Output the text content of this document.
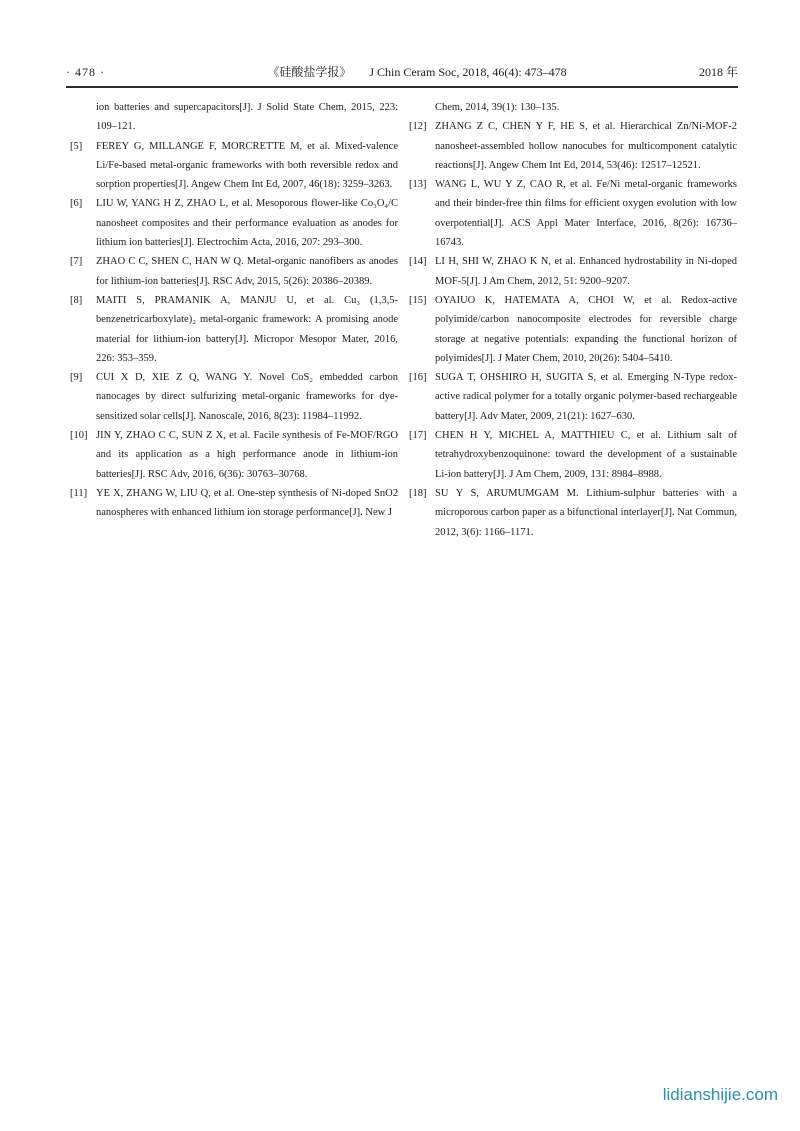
· 478 ·	《硅酸盐学报》 J Chin Ceram Soc, 2018, 46(4): 473–478	2018 年
ion batteries and supercapacitors[J]. J Solid State Chem, 2015, 223: 109–121.
[5] FEREY G, MILLANGE F, MORCRETTE M, et al. Mixed-valence Li/Fe-based metal-organic frameworks with both reversible redox and sorption properties[J]. Angew Chem Int Ed, 2007, 46(18): 3259–3263.
[6] LIU W, YANG H Z, ZHAO L, et al. Mesoporous flower-like Co₃O₄/C nanosheet composites and their performance evaluation as anodes for lithium ion batteries[J]. Electrochim Acta, 2016, 207: 293–300.
[7] ZHAO C C, SHEN C, HAN W Q. Metal-organic nanofibers as anodes for lithium-ion batteries[J]. RSC Adv, 2015, 5(26): 20386–20389.
[8] MAITI S, PRAMANIK A, MANJU U, et al. Cu₃ (1,3,5-benzenetricarboxylate)₂ metal-organic framework: A promising anode material for lithium-ion battery[J]. Micropor Mesopor Mater, 2016, 226: 353–359.
[9] CUI X D, XIE Z Q, WANG Y. Novel CoS₂ embedded carbon nanocages by direct sulfurizing metal-organic frameworks for dye-sensitized solar cells[J]. Nanoscale, 2016, 8(23): 11984–11992.
[10] JIN Y, ZHAO C C, SUN Z X, et al. Facile synthesis of Fe-MOF/RGO and its application as a high performance anode in lithium-ion batteries[J]. RSC Adv, 2016, 6(36): 30763–30768.
[11] YE X, ZHANG W, LIU Q, et al. One-step synthesis of Ni-doped SnO2 nanospheres with enhanced lithium ion storage performance[J]. New J
Chem, 2014, 39(1): 130–135.
[12] ZHANG Z C, CHEN Y F, HE S, et al. Hierarchical Zn/Ni-MOF-2 nanosheet-assembled hollow nanocubes for multicomponent catalytic reactions[J]. Angew Chem Int Ed, 2014, 53(46): 12517–12521.
[13] WANG L, WU Y Z, CAO R, et al. Fe/Ni metal-organic frameworks and their binder-free thin films for efficient oxygen evolution with low overpotential[J]. ACS Appl Mater Interface, 2016, 8(26): 16736–16743.
[14] LI H, SHI W, ZHAO K N, et al. Enhanced hydrostability in Ni-doped MOF-5[J]. J Am Chem, 2012, 51: 9200–9207.
[15] OYAIUO K, HATEMATA A, CHOI W, et al. Redox-active polyimide/carbon nanocomposite electrodes for reversible charge storage at negative potentials: expanding the functional horizon of polyimides[J]. J Mater Chem, 2010, 20(26): 5404–5410.
[16] SUGA T, OHSHIRO H, SUGITA S, et al. Emerging N-Type redox-active radical polymer for a totally organic polymer-based rechargeable battery[J]. Adv Mater, 2009, 21(21): 1627–630.
[17] CHEN H Y, MICHEL A, MATTHIEU C, et al. Lithium salt of tetrahydroxybenzoquinone: toward the development of a sustainable Li-ion battery[J]. J Am Chem, 2009, 131: 8984–8988.
[18] SU Y S, ARUMUMGAM M. Lithium-sulphur batteries with a microporous carbon paper as a bifunctional interlayer[J]. Nat Commun, 2012, 3(6): 1166–1171.
lidianshijie.com
